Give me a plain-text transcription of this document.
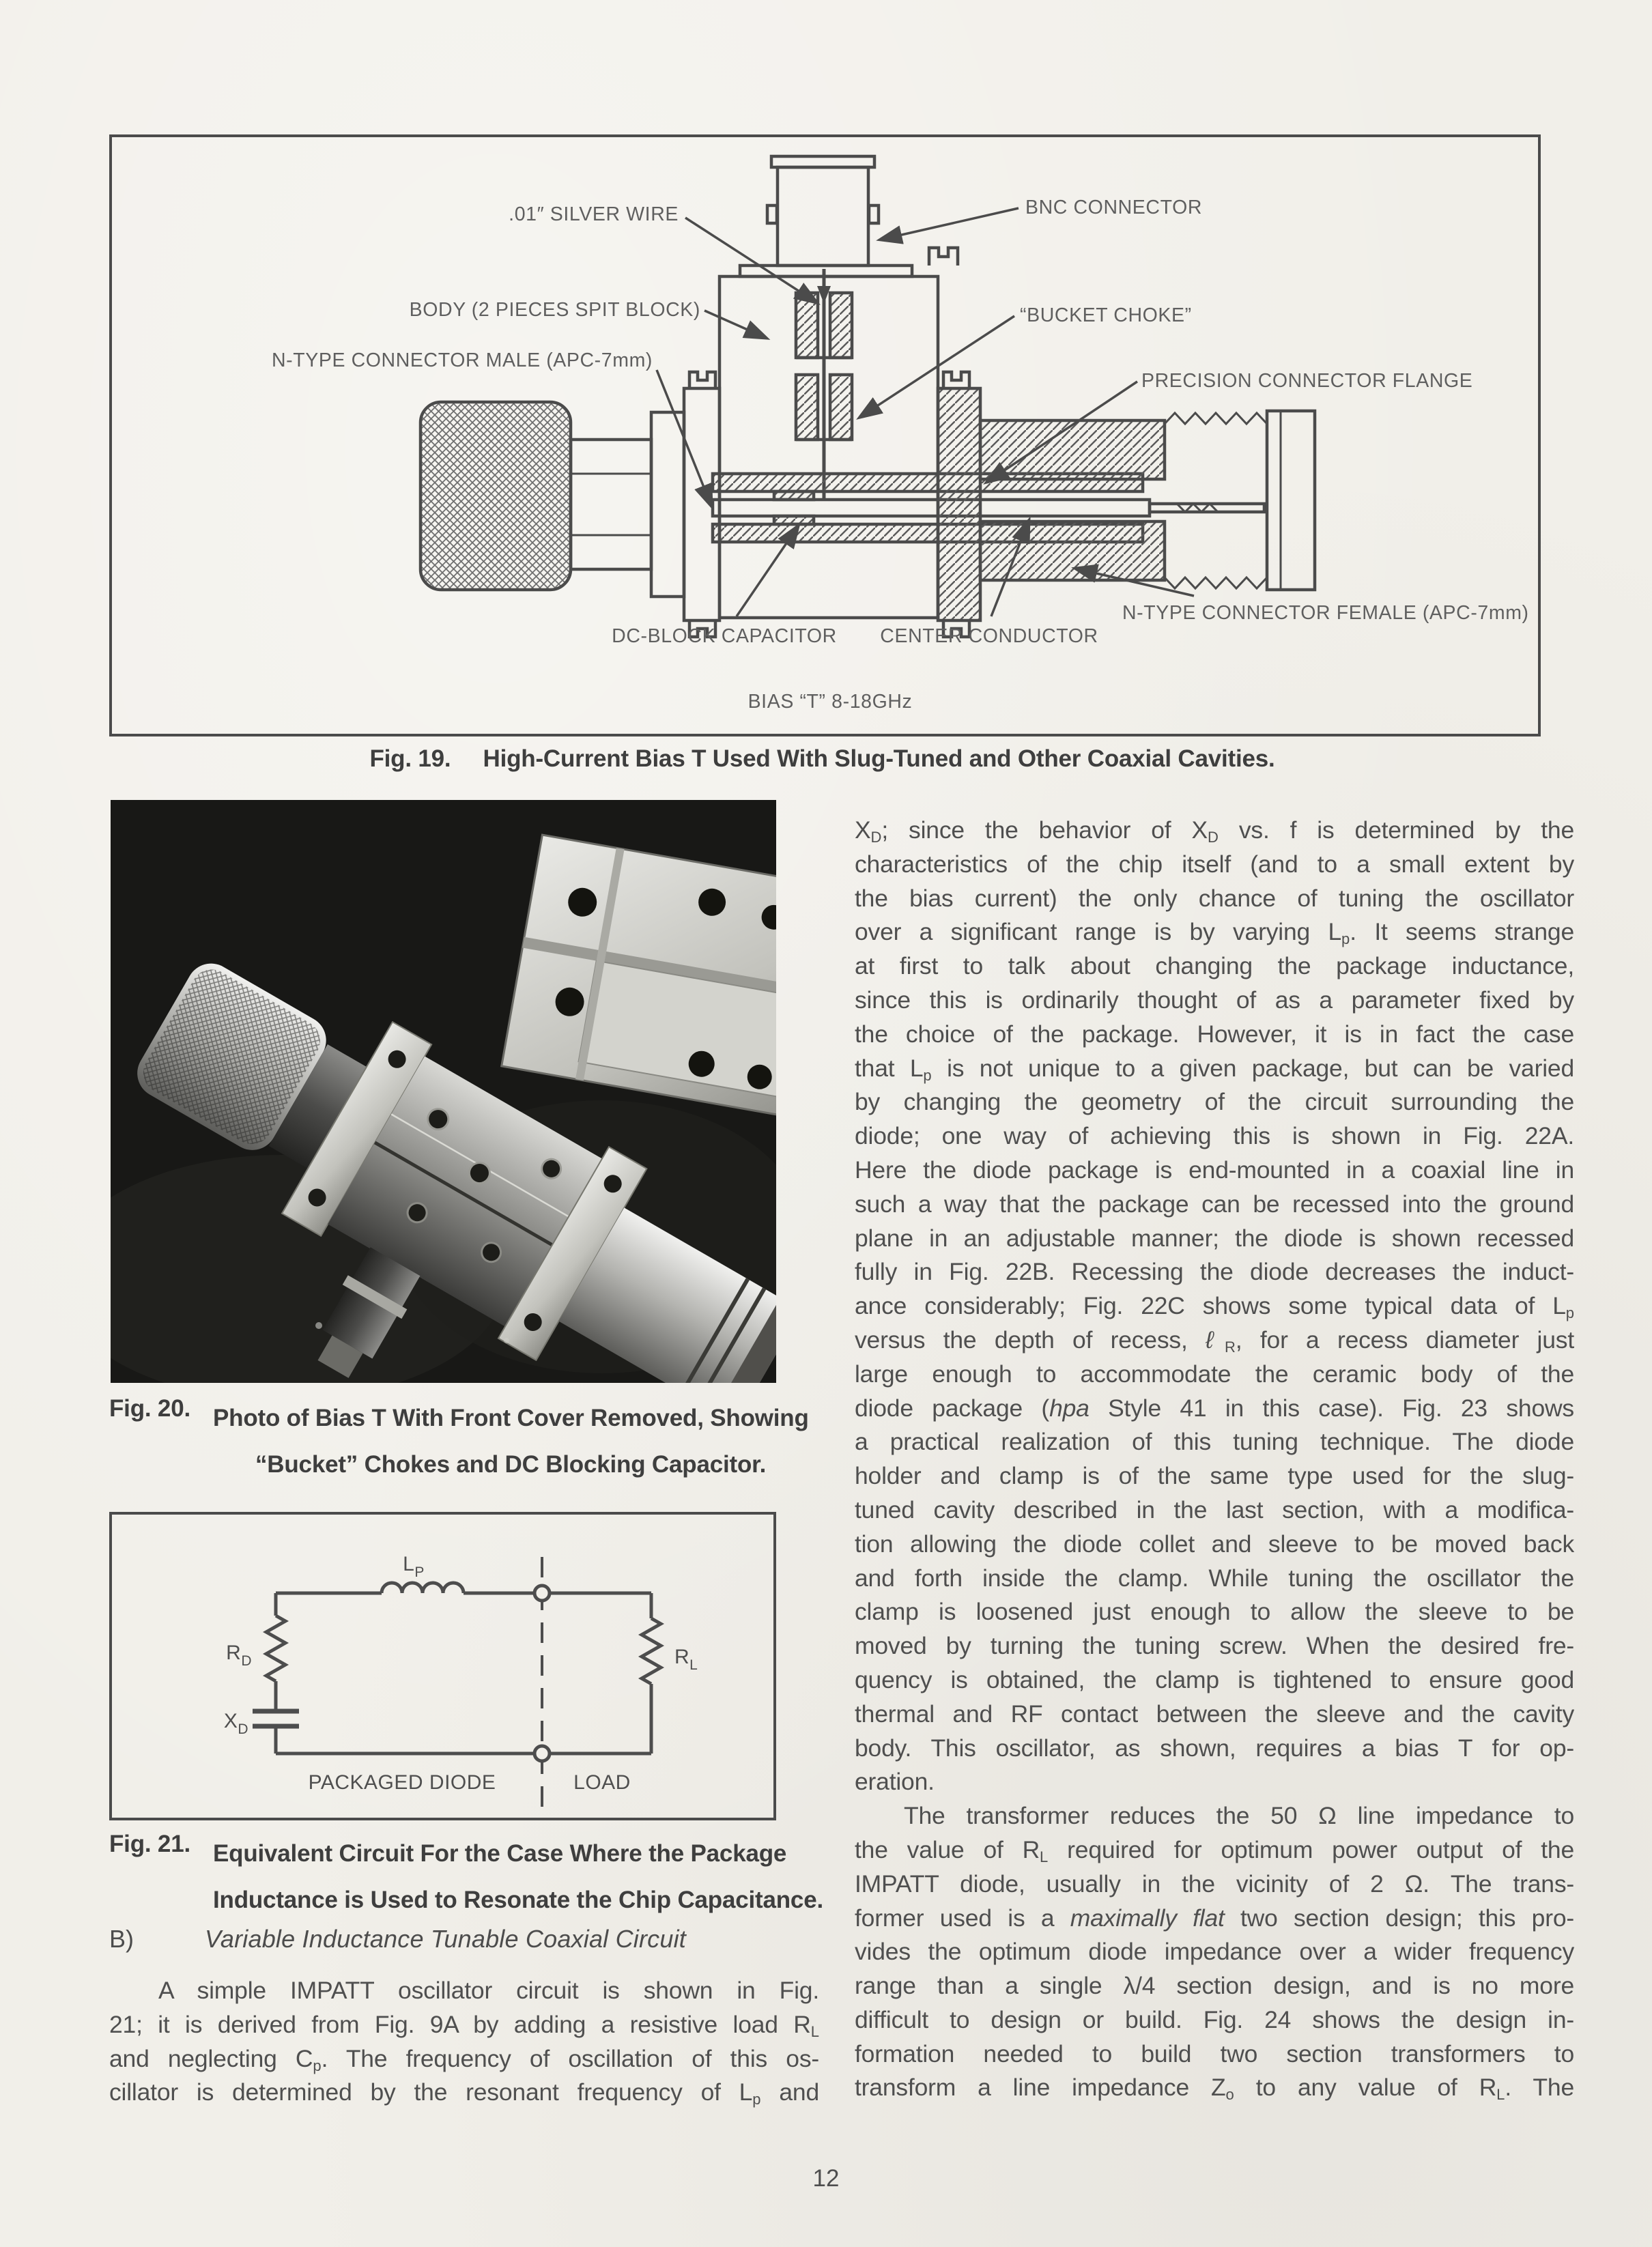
.01″ SILVER WIRE	BNC CONNECTOR
BODY (2 PIECES SPIT BLOCK)
N-TYPE CONNECTOR MALE (APC-7mm)
“BUCKET CHOKE”
PRECISION CONNECTOR FLANGE
DC-BLOCK CAPACITOR CENTER CONDUCTOR
N-TYPE CONNECTOR FEMALE (APC-7mm)
BIAS “T” 8-18GHz
Fig. 19. High-Current Bias T Used With Slug-Tuned and Other Coaxial Cavities.
Fig. 20. Photo of Bias T With Front Cover Removed, Showing
“Bucket” Chokes and DC Blocking Capacitor.
$L_P$
$R_D$
$X_D$
$R_L$
PACKAGED DIODE	LOAD
Fig. 21. Equivalent Circuit For the Case Where the Package
Inductance is Used to Resonate the Chip Capacitance.
B)	Variable Inductance Tunable Coaxial Circuit
A simple IMPATT oscillator circuit is shown in Fig.
21; it is derived from Fig. 9A by adding a resistive load $R_L$
and neglecting $C_p$. The frequency of oscillation of this os-
cillator is determined by the resonant frequency of $L_p$ and
$X_D$; since the behavior of $X_D$ vs. f is determined by the
characteristics of the chip itself (and to a small extent by
the bias current) the only chance of tuning the oscillator
over a significant range is by varying $L_p$. It seems strange
at first to talk about changing the package inductance,
since this is ordinarily thought of as a parameter fixed by
the choice of the package. However, it is in fact the case
that $L_p$ is not unique to a given package, but can be varied
by changing the geometry of the circuit surrounding the
diode; one way of achieving this is shown in Fig. 22A.
Here the diode package is end-mounted in a coaxial line in
such a way that the package can be recessed into the ground
plane in an adjustable manner; the diode is shown recessed
fully in Fig. 22B. Recessing the diode decreases the induct-
ance considerably; Fig. 22C shows some typical data of $L_p$
versus the depth of recess, ℓ$_R$, for a recess diameter just
large enough to accommodate the ceramic body of the
diode package (hpa Style 41 in this case). Fig. 23 shows
a practical realization of this tuning technique. The diode
holder and clamp is of the same type used for the slug-
tuned cavity described in the last section, with a modifica-
tion allowing the diode collet and sleeve to be moved back
and forth inside the clamp. While tuning the oscillator the
clamp is loosened just enough to allow the sleeve to be
moved by turning the tuning screw. When the desired fre-
quency is obtained, the clamp is tightened to ensure good
thermal and RF contact between the sleeve and the cavity
body. This oscillator, as shown, requires a bias T for op-
eration.
The transformer reduces the 50 Ω line impedance to
the value of $R_L$ required for optimum power output of the
IMPATT diode, usually in the vicinity of 2 Ω. The trans-
former used is a maximally flat two section design; this pro-
vides the optimum diode impedance over a wider frequency
range than a single λ/4 section design, and is no more
difficult to design or build. Fig. 24 shows the design in-
formation needed to build two section transformers to
transform a line impedance $Z_o$ to any value of $R_L$. The
12
